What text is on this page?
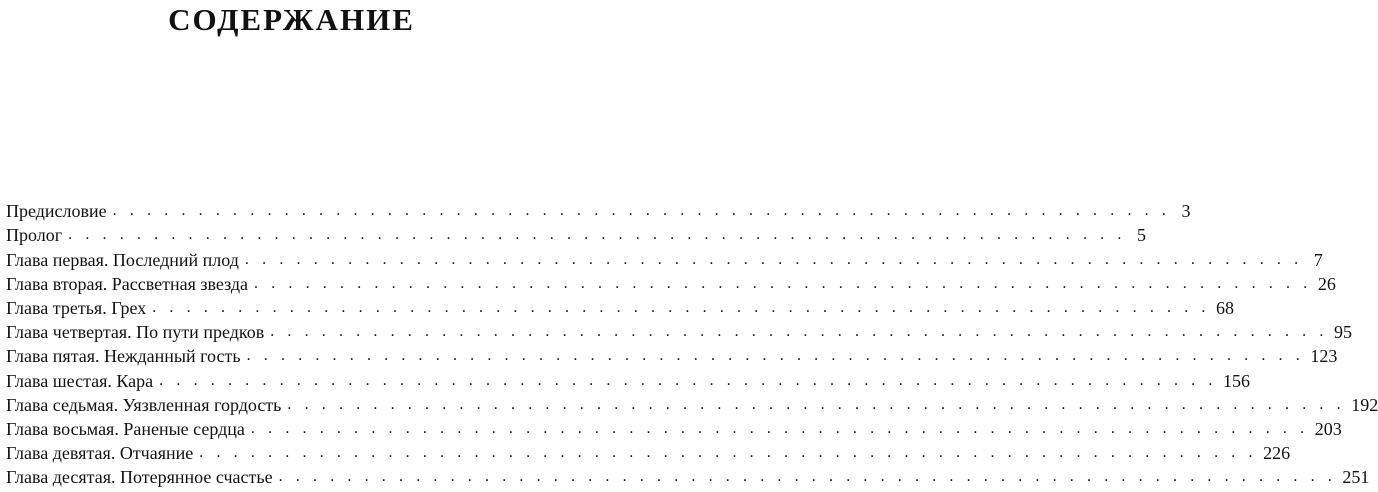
СОДЕРЖАНИЕ
Предисловие . . . . . . . . . . . . . . . . . . . . . . . . . . . . . . . . . . . . . . . . . . . . . . . . . . . . . . . . . . . . . . 3
Пролог . . . . . . . . . . . . . . . . . . . . . . . . . . . . . . . . . . . . . . . . . . . . . . . . . . . . . . . . . . . . . . 5
Глава первая. Последний плод . . . . . . . . . . . . . . . . . . . . . . . . . . . . . . . . . . . . . . . . . . . . . . . . . . . . . . . . . . . . . . 7
Глава вторая. Рассветная звезда . . . . . . . . . . . . . . . . . . . . . . . . . . . . . . . . . . . . . . . . . . . . . . . . . . . . . . . . . . . . . . 26
Глава третья. Грех . . . . . . . . . . . . . . . . . . . . . . . . . . . . . . . . . . . . . . . . . . . . . . . . . . . . . . . . . . . . . . 68
Глава четвертая. По пути предков . . . . . . . . . . . . . . . . . . . . . . . . . . . . . . . . . . . . . . . . . . . . . . . . . . . . . . . . . . . . . . 95
Глава пятая. Нежданный гость . . . . . . . . . . . . . . . . . . . . . . . . . . . . . . . . . . . . . . . . . . . . . . . . . . . . . . . . . . . . . . 123
Глава шестая. Кара . . . . . . . . . . . . . . . . . . . . . . . . . . . . . . . . . . . . . . . . . . . . . . . . . . . . . . . . . . . . . . 156
Глава седьмая. Уязвленная гордость . . . . . . . . . . . . . . . . . . . . . . . . . . . . . . . . . . . . . . . . . . . . . . . . . . . . . . . . . . . . . . 192
Глава восьмая. Раненые сердца . . . . . . . . . . . . . . . . . . . . . . . . . . . . . . . . . . . . . . . . . . . . . . . . . . . . . . . . . . . . . . 203
Глава девятая. Отчаяние . . . . . . . . . . . . . . . . . . . . . . . . . . . . . . . . . . . . . . . . . . . . . . . . . . . . . . . . . . . . . . 226
Глава десятая. Потерянное счастье . . . . . . . . . . . . . . . . . . . . . . . . . . . . . . . . . . . . . . . . . . . . . . . . . . . . . . . . . . . . . . 251
